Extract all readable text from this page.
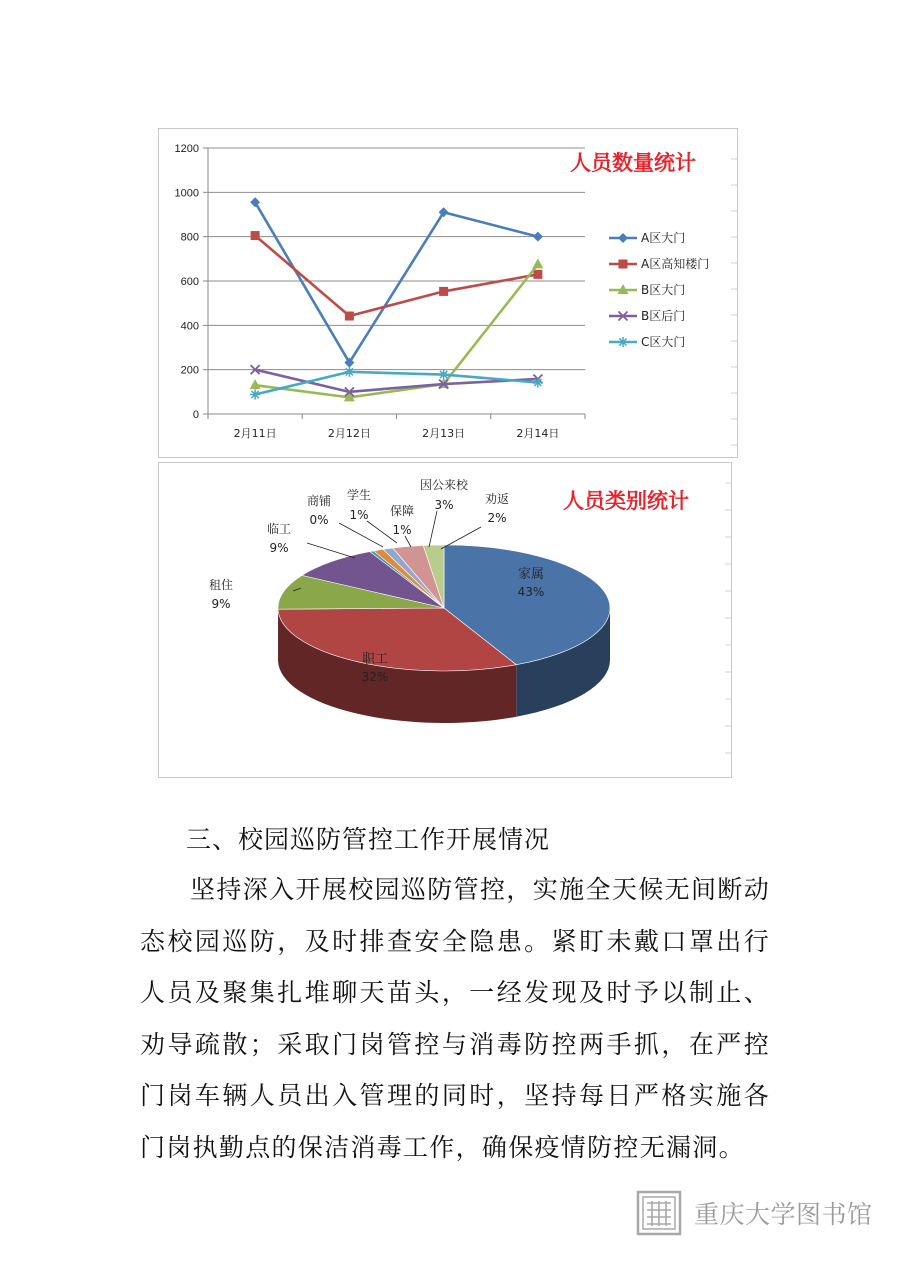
0
200
400
600
800
1000
1200
2月11日	2月12日	2月13日	2月14日
人员数量统计
A区大门
A区高知楼门
B区大门
B区后门
C区大门
家属
43%
职工
32%
租住
9%
临工
9%
商铺
0%
学生
1% 保障
1%
因公来校
3%	劝返
2%
人员类别统计
三、校园巡防管控工作开展情况
坚持深入开展校园巡防管控，实施全天候无间断动态校园巡防，及时排查安全隐患。紧盯未戴口罩出行人员及聚集扎堆聊天苗头，一经发现及时予以制止、劝导疏散；采取门岗管控与消毒防控两手抓，在严控门岗车辆人员出入管理的同时，坚持每日严格实施各门岗执勤点的保洁消毒工作，确保疫情防控无漏洞。
重庆大学图书馆
